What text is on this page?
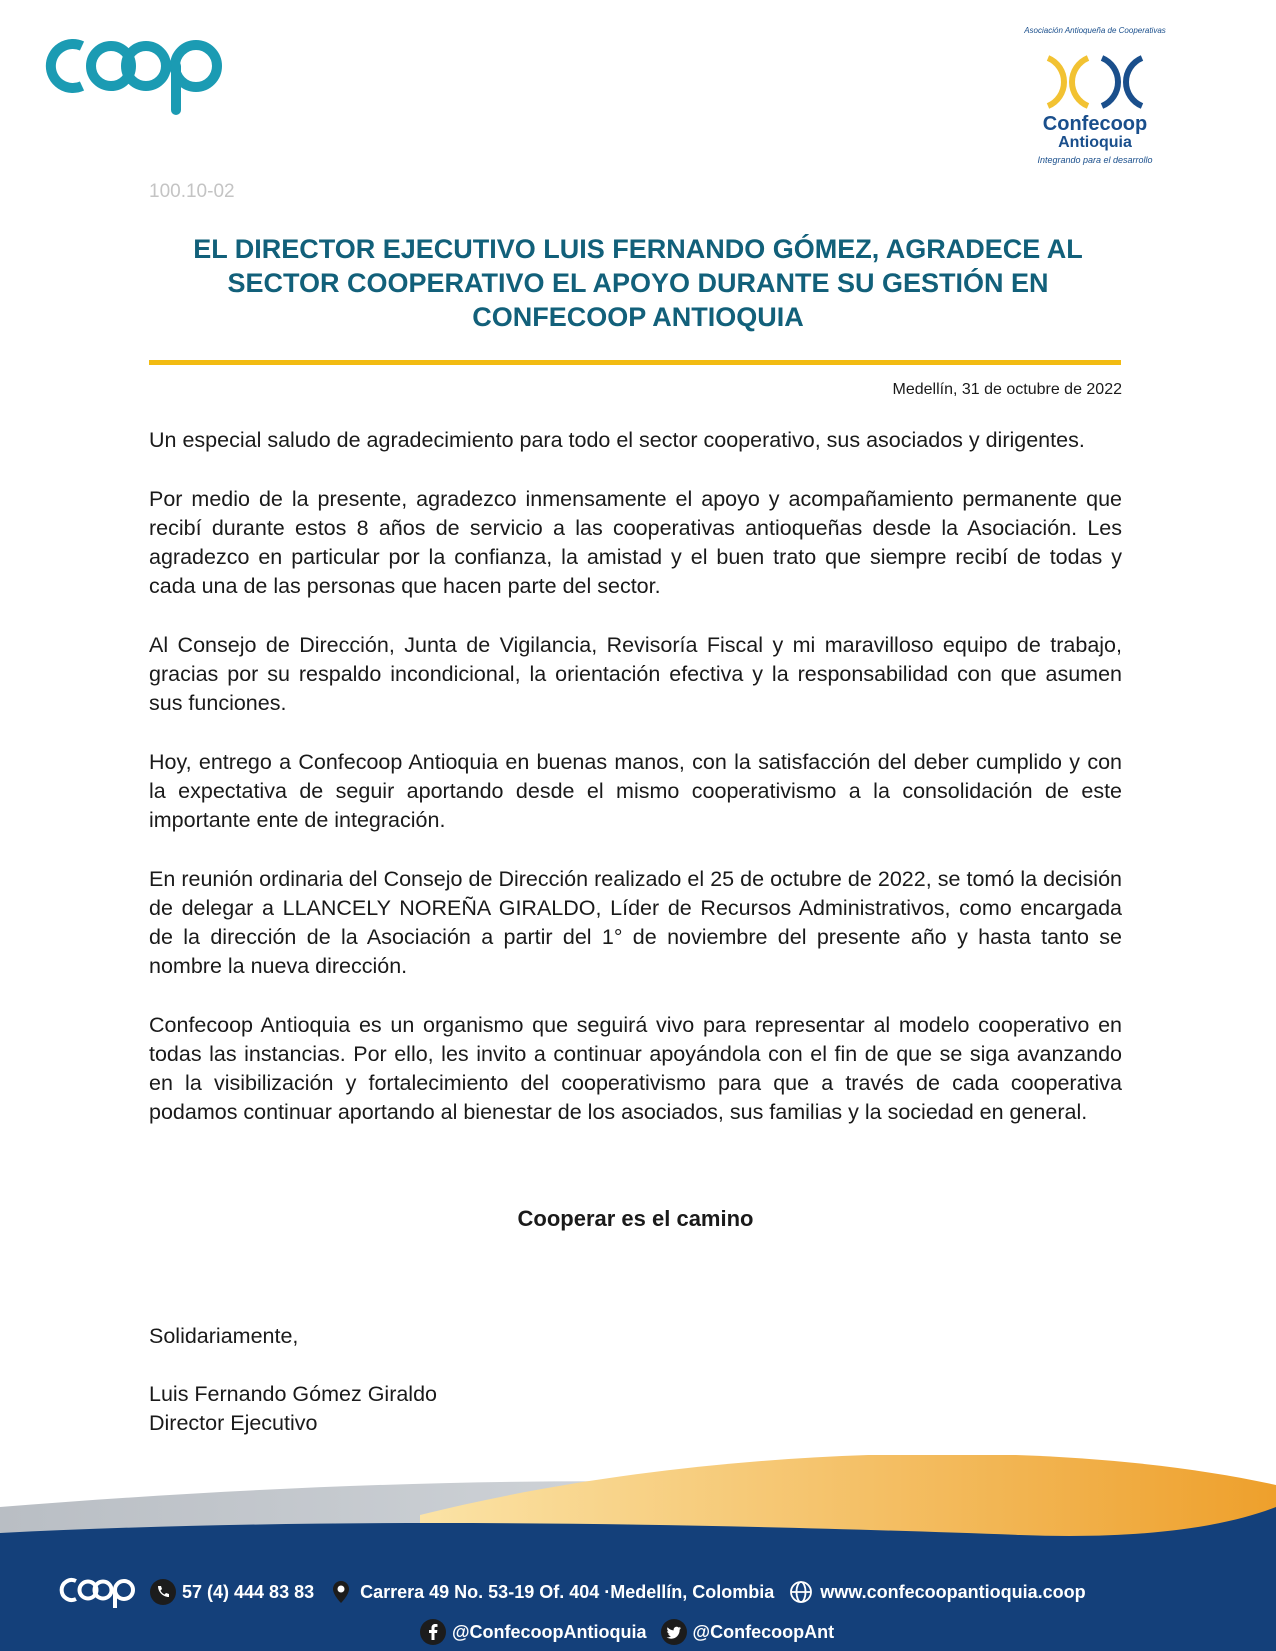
Asociación Antioqueña de Cooperativas
Confecoop
Antioquia
Integrando para el desarrollo
100.10-02
EL DIRECTOR EJECUTIVO LUIS FERNANDO GÓMEZ, AGRADECE AL SECTOR COOPERATIVO EL APOYO DURANTE SU GESTIÓN EN CONFECOOP ANTIOQUIA
Medellín, 31 de octubre de 2022

Un especial saludo de agradecimiento para todo el sector cooperativo, sus asociados y dirigentes.

Por medio de la presente, agradezco inmensamente el apoyo y acompañamiento permanente que recibí durante estos 8 años de servicio a las cooperativas antioqueñas desde la Asociación. Les agradezco en particular por la confianza, la amistad y el buen trato que siempre recibí de todas y cada una de las personas que hacen parte del sector.

Al Consejo de Dirección, Junta de Vigilancia, Revisoría Fiscal y mi maravilloso equipo de trabajo, gracias por su respaldo incondicional, la orientación efectiva y la responsabilidad con que asumen sus funciones.

Hoy, entrego a Confecoop Antioquia en buenas manos, con la satisfacción del deber cumplido y con la expectativa de seguir aportando desde el mismo cooperativismo a la consolidación de este importante ente de integración.

En reunión ordinaria del Consejo de Dirección realizado el 25 de octubre de 2022, se tomó la decisión de delegar a LLANCELY NOREÑA GIRALDO, Líder de Recursos Administrativos, como encargada de la dirección de la Asociación a partir del 1° de noviembre del presente año y hasta tanto se nombre la nueva dirección.

Confecoop Antioquia es un organismo que seguirá vivo para representar al modelo cooperativo en todas las instancias. Por ello, les invito a continuar apoyándola con el fin de que se siga avanzando en la visibilización y fortalecimiento del cooperativismo para que a través de cada cooperativa podamos continuar aportando al bienestar de los asociados, sus familias y la sociedad en general.

Cooperar es el camino
Solidariamente,
Luis Fernando Gómez Giraldo
Director Ejecutivo
57 (4) 444 83 83	Carrera 49 No. 53-19 Of. 404 ·Medellín, Colombia	www.confecoopantioquia.coop
@ConfecoopAntioquia	@ConfecoopAnt
